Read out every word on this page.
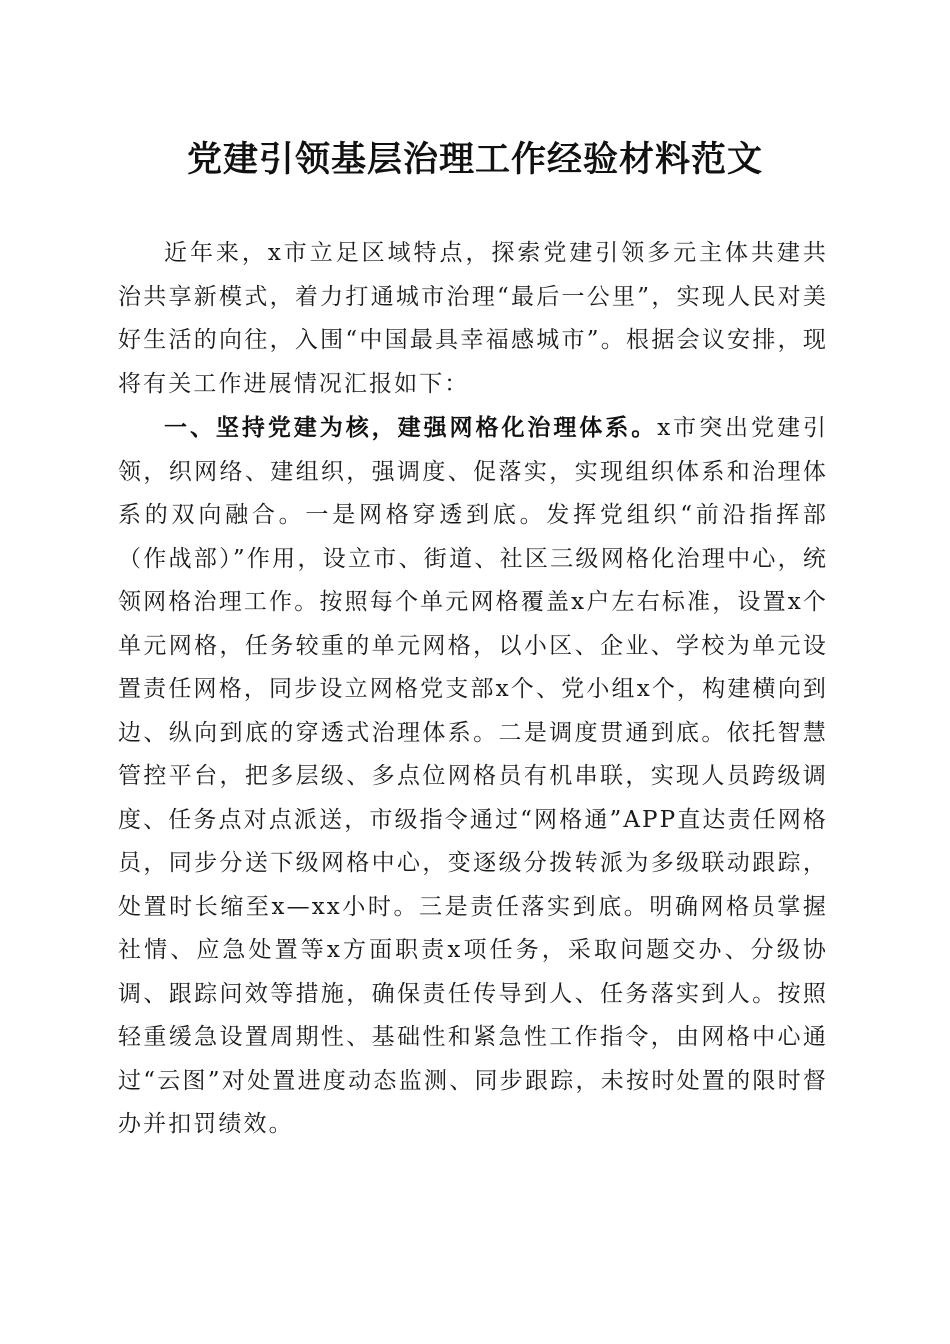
党建引领基层治理工作经验材料范文

近年来，x市立足区域特点，探索党建引领多元主体共建共治共享新模式，着力打通城市治理“最后一公里”，实现人民对美好生活的向往，入围“中国最具幸福感城市”。根据会议安排，现将有关工作进展情况汇报如下：

一、坚持党建为核，建强网格化治理体系。x市突出党建引领，织网络、建组织，强调度、促落实，实现组织体系和治理体系的双向融合。一是网格穿透到底。发挥党组织“前沿指挥部（作战部）”作用，设立市、街道、社区三级网格化治理中心，统领网格治理工作。按照每个单元网格覆盖x户左右标准，设置x个单元网格，任务较重的单元网格，以小区、企业、学校为单元设置责任网格，同步设立网格党支部x个、党小组x个，构建横向到边、纵向到底的穿透式治理体系。二是调度贯通到底。依托智慧管控平台，把多层级、多点位网格员有机串联，实现人员跨级调度、任务点对点派送，市级指令通过“网格通”APP直达责任网格员，同步分送下级网格中心，变逐级分拨转派为多级联动跟踪，处置时长缩至x—xx小时。三是责任落实到底。明确网格员掌握社情、应急处置等x方面职责x项任务，采取问题交办、分级协调、跟踪问效等措施，确保责任传导到人、任务落实到人。按照轻重缓急设置周期性、基础性和紧急性工作指令，由网格中心通过“云图”对处置进度动态监测、同步跟踪，未按时处置的限时督办并扣罚绩效。
